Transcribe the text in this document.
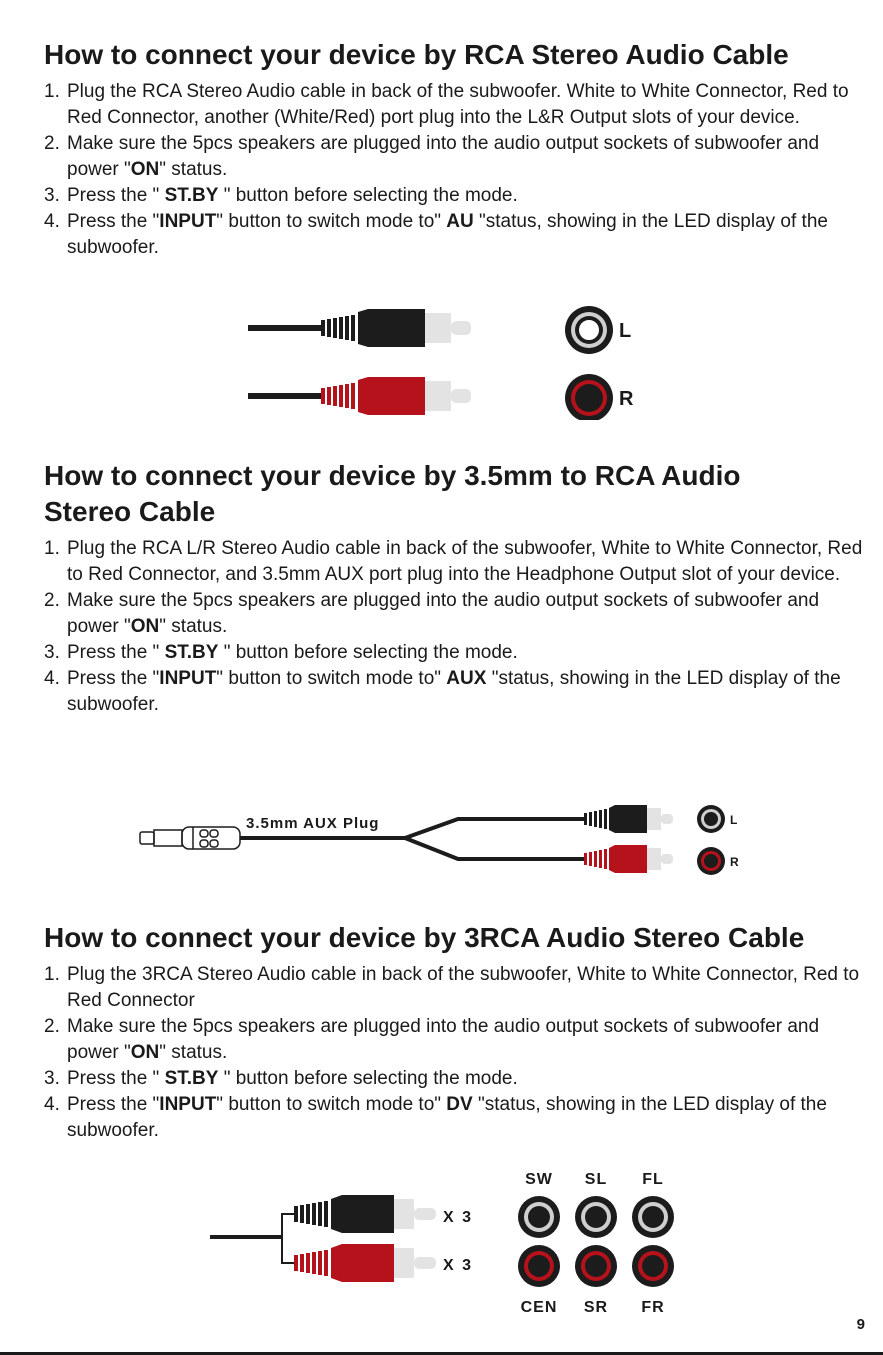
How to connect your device by RCA Stereo Audio Cable
1. Plug the RCA Stereo Audio cable in back of the subwoofer. White to White Connector, Red to Red Connector, another (White/Red) port plug into the L&R Output slots of your device.
2. Make sure the 5pcs speakers are plugged into the audio output sockets of subwoofer and power "ON" status.
3. Press the " ST.BY " button before selecting the mode.
4. Press the "INPUT" button to switch mode to" AU "status, showing in the LED display of the subwoofer.
L
R
How to connect your device by 3.5mm to RCA Audio Stereo Cable
1. Plug the RCA L/R Stereo Audio cable in back of the subwoofer, White to White Connector, Red to Red Connector, and 3.5mm AUX port plug into the Headphone Output slot of your device.
2. Make sure the 5pcs speakers are plugged into the audio output sockets of subwoofer and power "ON" status.
3. Press the " ST.BY " button before selecting the mode.
4. Press the "INPUT" button to switch mode to" AUX "status, showing in the LED display of the subwoofer.
3.5mm AUX Plug	L
R
How to connect your device by 3RCA Audio Stereo Cable
1. Plug the 3RCA Stereo Audio cable in back of the subwoofer, White to White Connector, Red to Red Connector
2. Make sure the 5pcs speakers are plugged into the audio output sockets of subwoofer and power "ON" status.
3. Press the " ST.BY " button before selecting the mode.
4. Press the "INPUT" button to switch mode to" DV "status, showing in the LED display of the subwoofer.
X 3
X 3
SW SL FL
CEN SR FR
9
